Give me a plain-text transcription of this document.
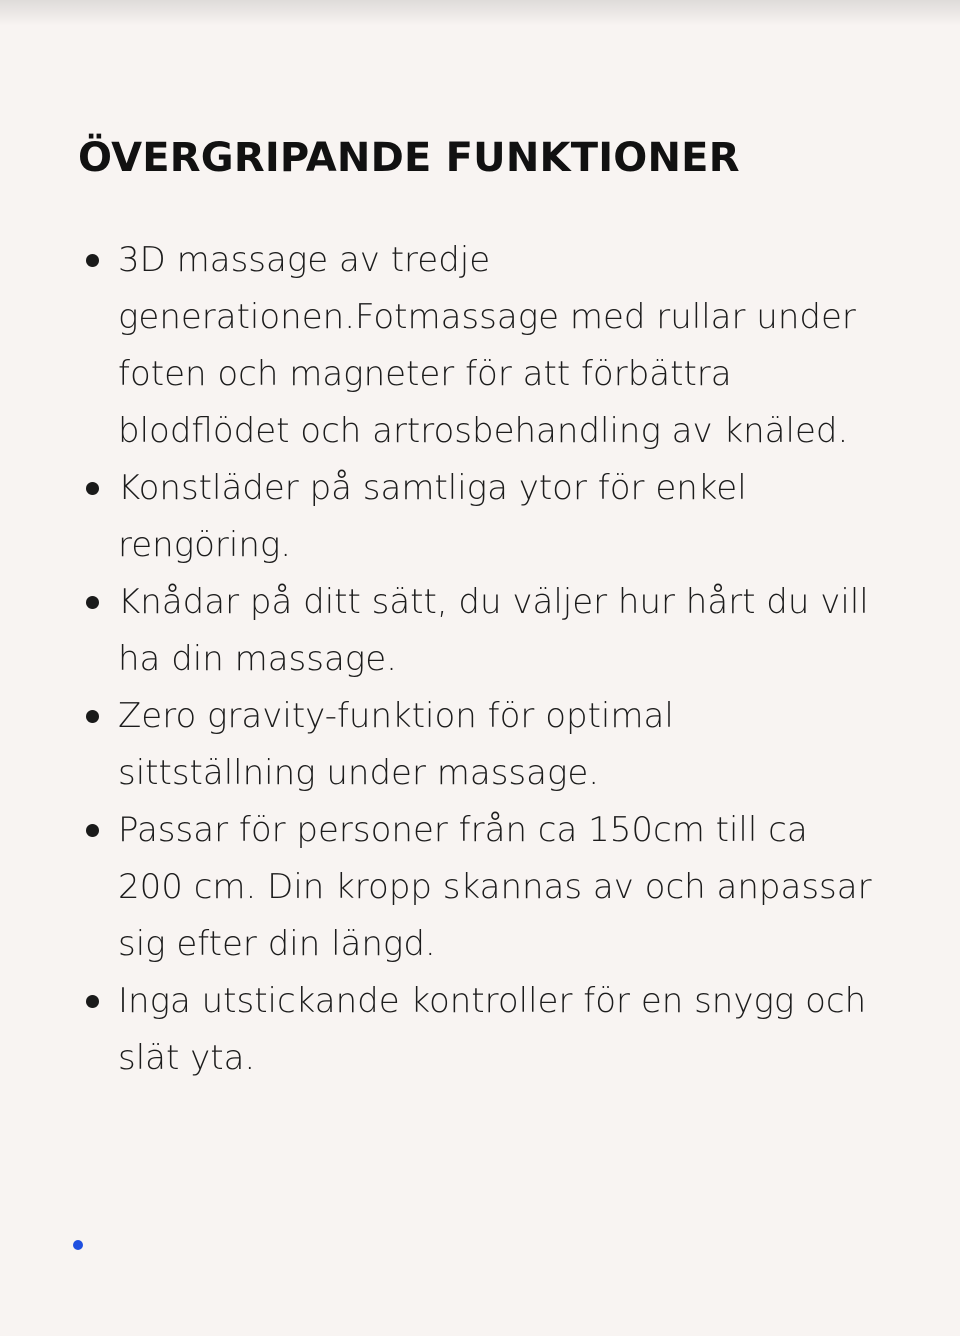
ÖVERGRIPANDE FUNKTIONER
3D massage av tredje generationen.Fotmassage med rullar under foten och magneter för att förbättra blodflödet och artrosbehandling av knäled.
Konstläder på samtliga ytor för enkel rengöring.
Knådar på ditt sätt, du väljer hur hårt du vill ha din massage.
Zero gravity-funktion för optimal sittställning under massage.
Passar för personer från ca 150cm till ca 200 cm. Din kropp skannas av och anpassar sig efter din längd.
Inga utstickande kontroller för en snygg och slät yta.
